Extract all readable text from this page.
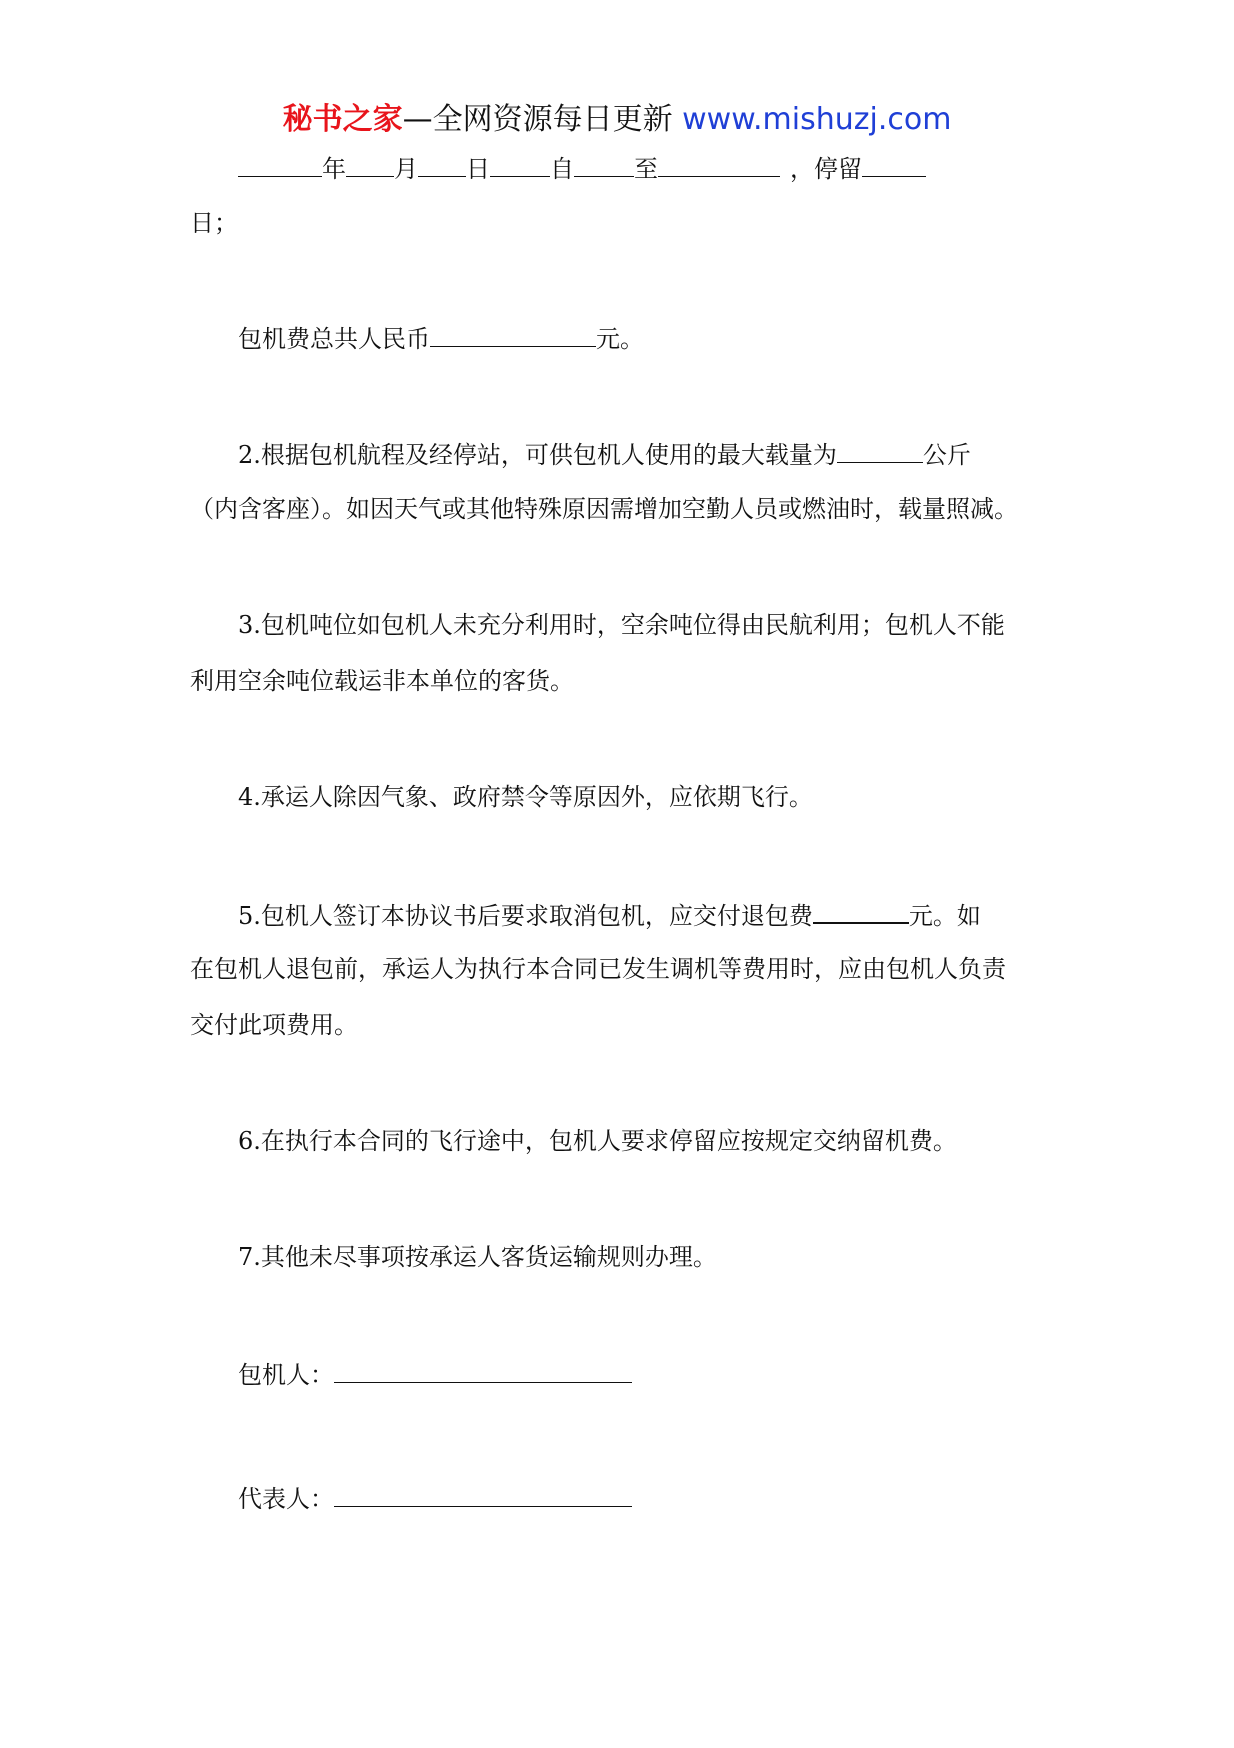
秘书之家—全网资源每日更新 www.mishuzj.com
年 月 日	自	至	，停留
日；
包机费总共人民币	元。
2.根据包机航程及经停站，可供包机人使用的最大载量为	公斤
（内含客座）。如因天气或其他特殊原因需增加空勤人员或燃油时，载量照减。
3.包机吨位如包机人未充分利用时，空余吨位得由民航利用；包机人不能
利用空余吨位载运非本单位的客货。
4.承运人除因气象、政府禁令等原因外，应依期飞行。
5.包机人签订本协议书后要求取消包机，应交付退包费	元。如
在包机人退包前，承运人为执行本合同已发生调机等费用时，应由包机人负责
交付此项费用。
6.在执行本合同的飞行途中，包机人要求停留应按规定交纳留机费。
7.其他未尽事项按承运人客货运输规则办理。
包机人：
代表人：
